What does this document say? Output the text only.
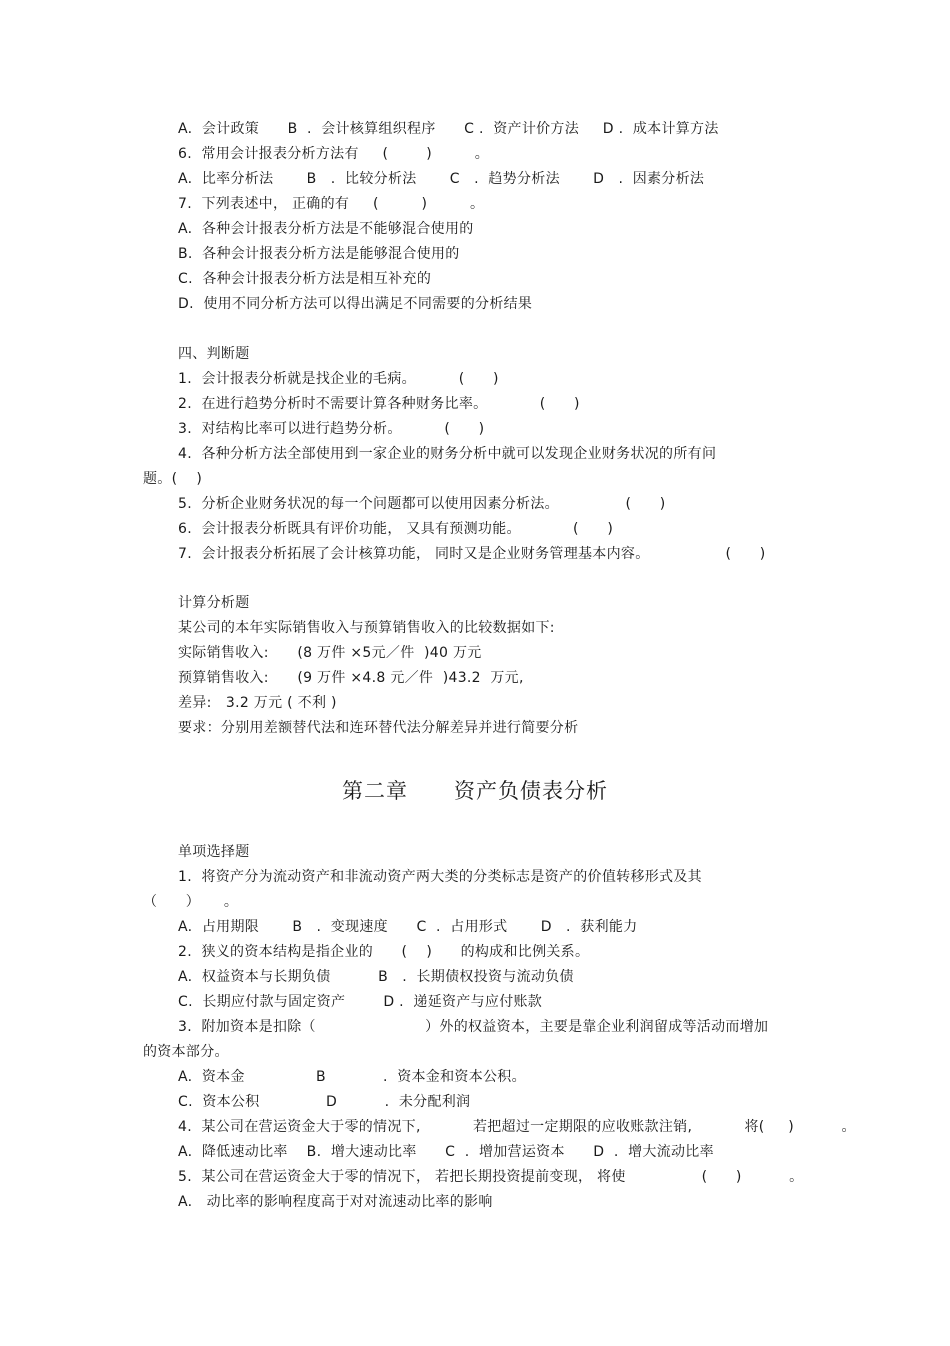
A.  会计政策      B  .  会计核算组织程序      C .  资产计价方法     D .  成本计算方法
6.  常用会计报表分析方法有     (        )         。
A.  比率分析法       B   .  比较分析法       C   .  趋势分析法       D   .  因素分析法
7.  下列表述中， 正确的有     (         )         。
A.  各种会计报表分析方法是不能够混合使用的
B.  各种会计报表分析方法是能够混合使用的
C.  各种会计报表分析方法是相互补充的
D.  使用不同分析方法可以得出满足不同需要的分析结果
四、判断题
1.  会计报表分析就是找企业的毛病。         (      )
2.  在进行趋势分析时不需要计算各种财务比率。           (      )
3.  对结构比率可以进行趋势分析。         (      )
4.  各种分析方法全部使用到一家企业的财务分析中就可以发现企业财务状况的所有问
题。(    )
5.  分析企业财务状况的每一个问题都可以使用因素分析法。              (      )
6.  会计报表分析既具有评价功能， 又具有预测功能。           (      )
7.  会计报表分析拓展了会计核算功能， 同时又是企业财务管理基本内容。                (      )
计算分析题
某公司的本年实际销售收入与预算销售收入的比较数据如下:
实际销售收入:      (8 万件 ×5元／件  )40 万元
预算销售收入:      (9 万件 ×4.8 元／件  )43.2  万元,
差异:   3.2 万元 ( 不利 )
要求：分别用差额替代法和连环替代法分解差异并进行简要分析
第二章      资产负债表分析
单项选择题
1.  将资产分为流动资产和非流动资产两大类的分类标志是资产的价值转移形式及其
（      ）     。
A.  占用期限       B   .  变现速度      C  .  占用形式       D   .  获利能力
2.  狭义的资本结构是指企业的      (    )      的构成和比例关系。
A.  权益资本与长期负债          B   .  长期债权投资与流动负债
C.  长期应付款与固定资产        D .  递延资产与应付账款
3.  附加资本是扣除（                       ）外的权益资本，主要是靠企业利润留成等活动而增加
的资本部分。
A.  资本金               B            .  资本金和资本公积。
C.  资本公积              D          .  未分配利润
4.  某公司在营运资金大于零的情况下,           若把超过一定期限的应收账款注销,           将(     )          。
A.  降低速动比率    B.  增大速动比率      C  .  增加营运资本      D  .  增大流动比率
5.  某公司在营运资金大于零的情况下， 若把长期投资提前变现， 将使                (      )          。
A.   动比率的影响程度高于对对流速动比率的影响
